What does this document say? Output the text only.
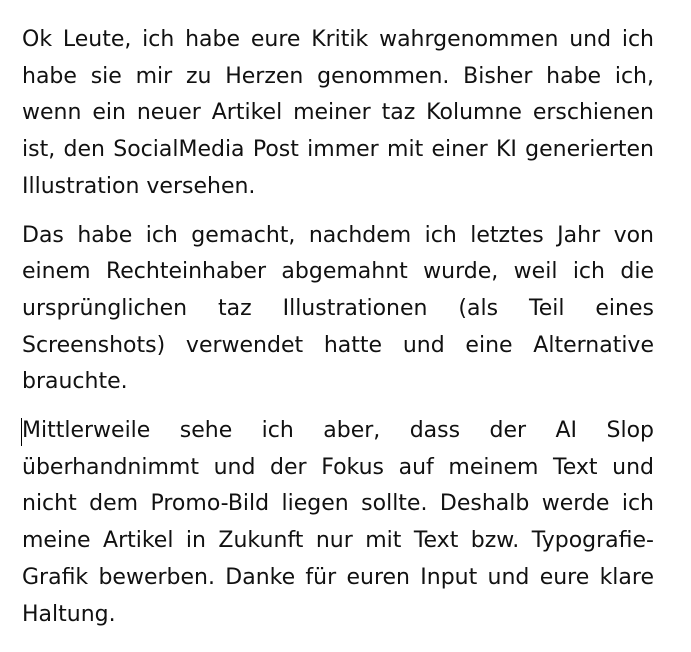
Ok Leute, ich habe eure Kritik wahrgenommen und ich habe sie mir zu Herzen genommen. Bisher habe ich, wenn ein neuer Artikel meiner taz Kolumne erschienen ist, den SocialMedia Post immer mit einer KI generierten Illustration versehen.

Das habe ich gemacht, nachdem ich letztes Jahr von einem Rechteinhaber abgemahnt wurde, weil ich die ursprünglichen taz Illustrationen (als Teil eines Screenshots) verwendet hatte und eine Alternative brauchte.

Mittlerweile sehe ich aber, dass der AI Slop überhandnimmt und der Fokus auf meinem Text und nicht dem Promo-Bild liegen sollte. Deshalb werde ich meine Artikel in Zukunft nur mit Text bzw. Typografie-Grafik bewerben. Danke für euren Input und eure klare Haltung.
